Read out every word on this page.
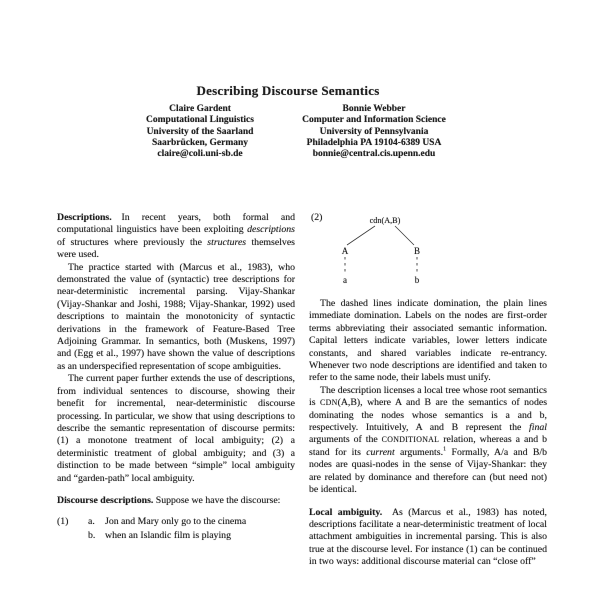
Describing Discourse Semantics
Claire Gardent
Computational Linguistics
University of the Saarland
Saarbrücken, Germany
claire@coli.uni-sb.de
Bonnie Webber
Computer and Information Science
University of Pennsylvania
Philadelphia PA 19104-6389 USA
bonnie@central.cis.upenn.edu

Descriptions. In recent years, both formal and computational linguistics have been exploiting descriptions of structures where previously the structures themselves were used.

The practice started with (Marcus et al., 1983), who demonstrated the value of (syntactic) tree descriptions for near-deterministic incremental parsing. Vijay-Shankar (Vijay-Shankar and Joshi, 1988; Vijay-Shankar, 1992) used descriptions to maintain the monotonicity of syntactic derivations in the framework of Feature-Based Tree Adjoining Grammar. In semantics, both (Muskens, 1997) and (Egg et al., 1997) have shown the value of descriptions as an underspecified representation of scope ambiguities.

The current paper further extends the use of descriptions, from individual sentences to discourse, showing their benefit for incremental, near-deterministic discourse processing. In particular, we show that using descriptions to describe the semantic representation of discourse permits: (1) a monotone treatment of local ambiguity; (2) a deterministic treatment of global ambiguity; and (3) a distinction to be made between “simple” local ambiguity and “garden-path” local ambiguity.

Discourse descriptions. Suppose we have the discourse:

(1)	a.	Jon and Mary only go to the cinema
b. when an Islandic film is playing
(2)	cdn(A,B)
A	B
a	b

The dashed lines indicate domination, the plain lines immediate domination. Labels on the nodes are first-order terms abbreviating their associated semantic information. Capital letters indicate variables, lower letters indicate constants, and shared variables indicate re-entrancy. Whenever two node descriptions are identified and taken to refer to the same node, their labels must unify.

The description licenses a local tree whose root semantics is CDN(A,B), where A and B are the semantics of nodes dominating the nodes whose semantics is a and b, respectively. Intuitively, A and B represent the final arguments of the CONDITIONAL relation, whereas a and b stand for its current arguments.$^1$ Formally, A/a and B/b nodes are quasi-nodes in the sense of Vijay-Shankar: they are related by dominance and therefore can (but need not) be identical.

Local ambiguity. As (Marcus et al., 1983) has noted, descriptions facilitate a near-deterministic treatment of local attachment ambiguities in incremental parsing. This is also true at the discourse level. For instance (1) can be continued in two ways: additional discourse material can “close off”
